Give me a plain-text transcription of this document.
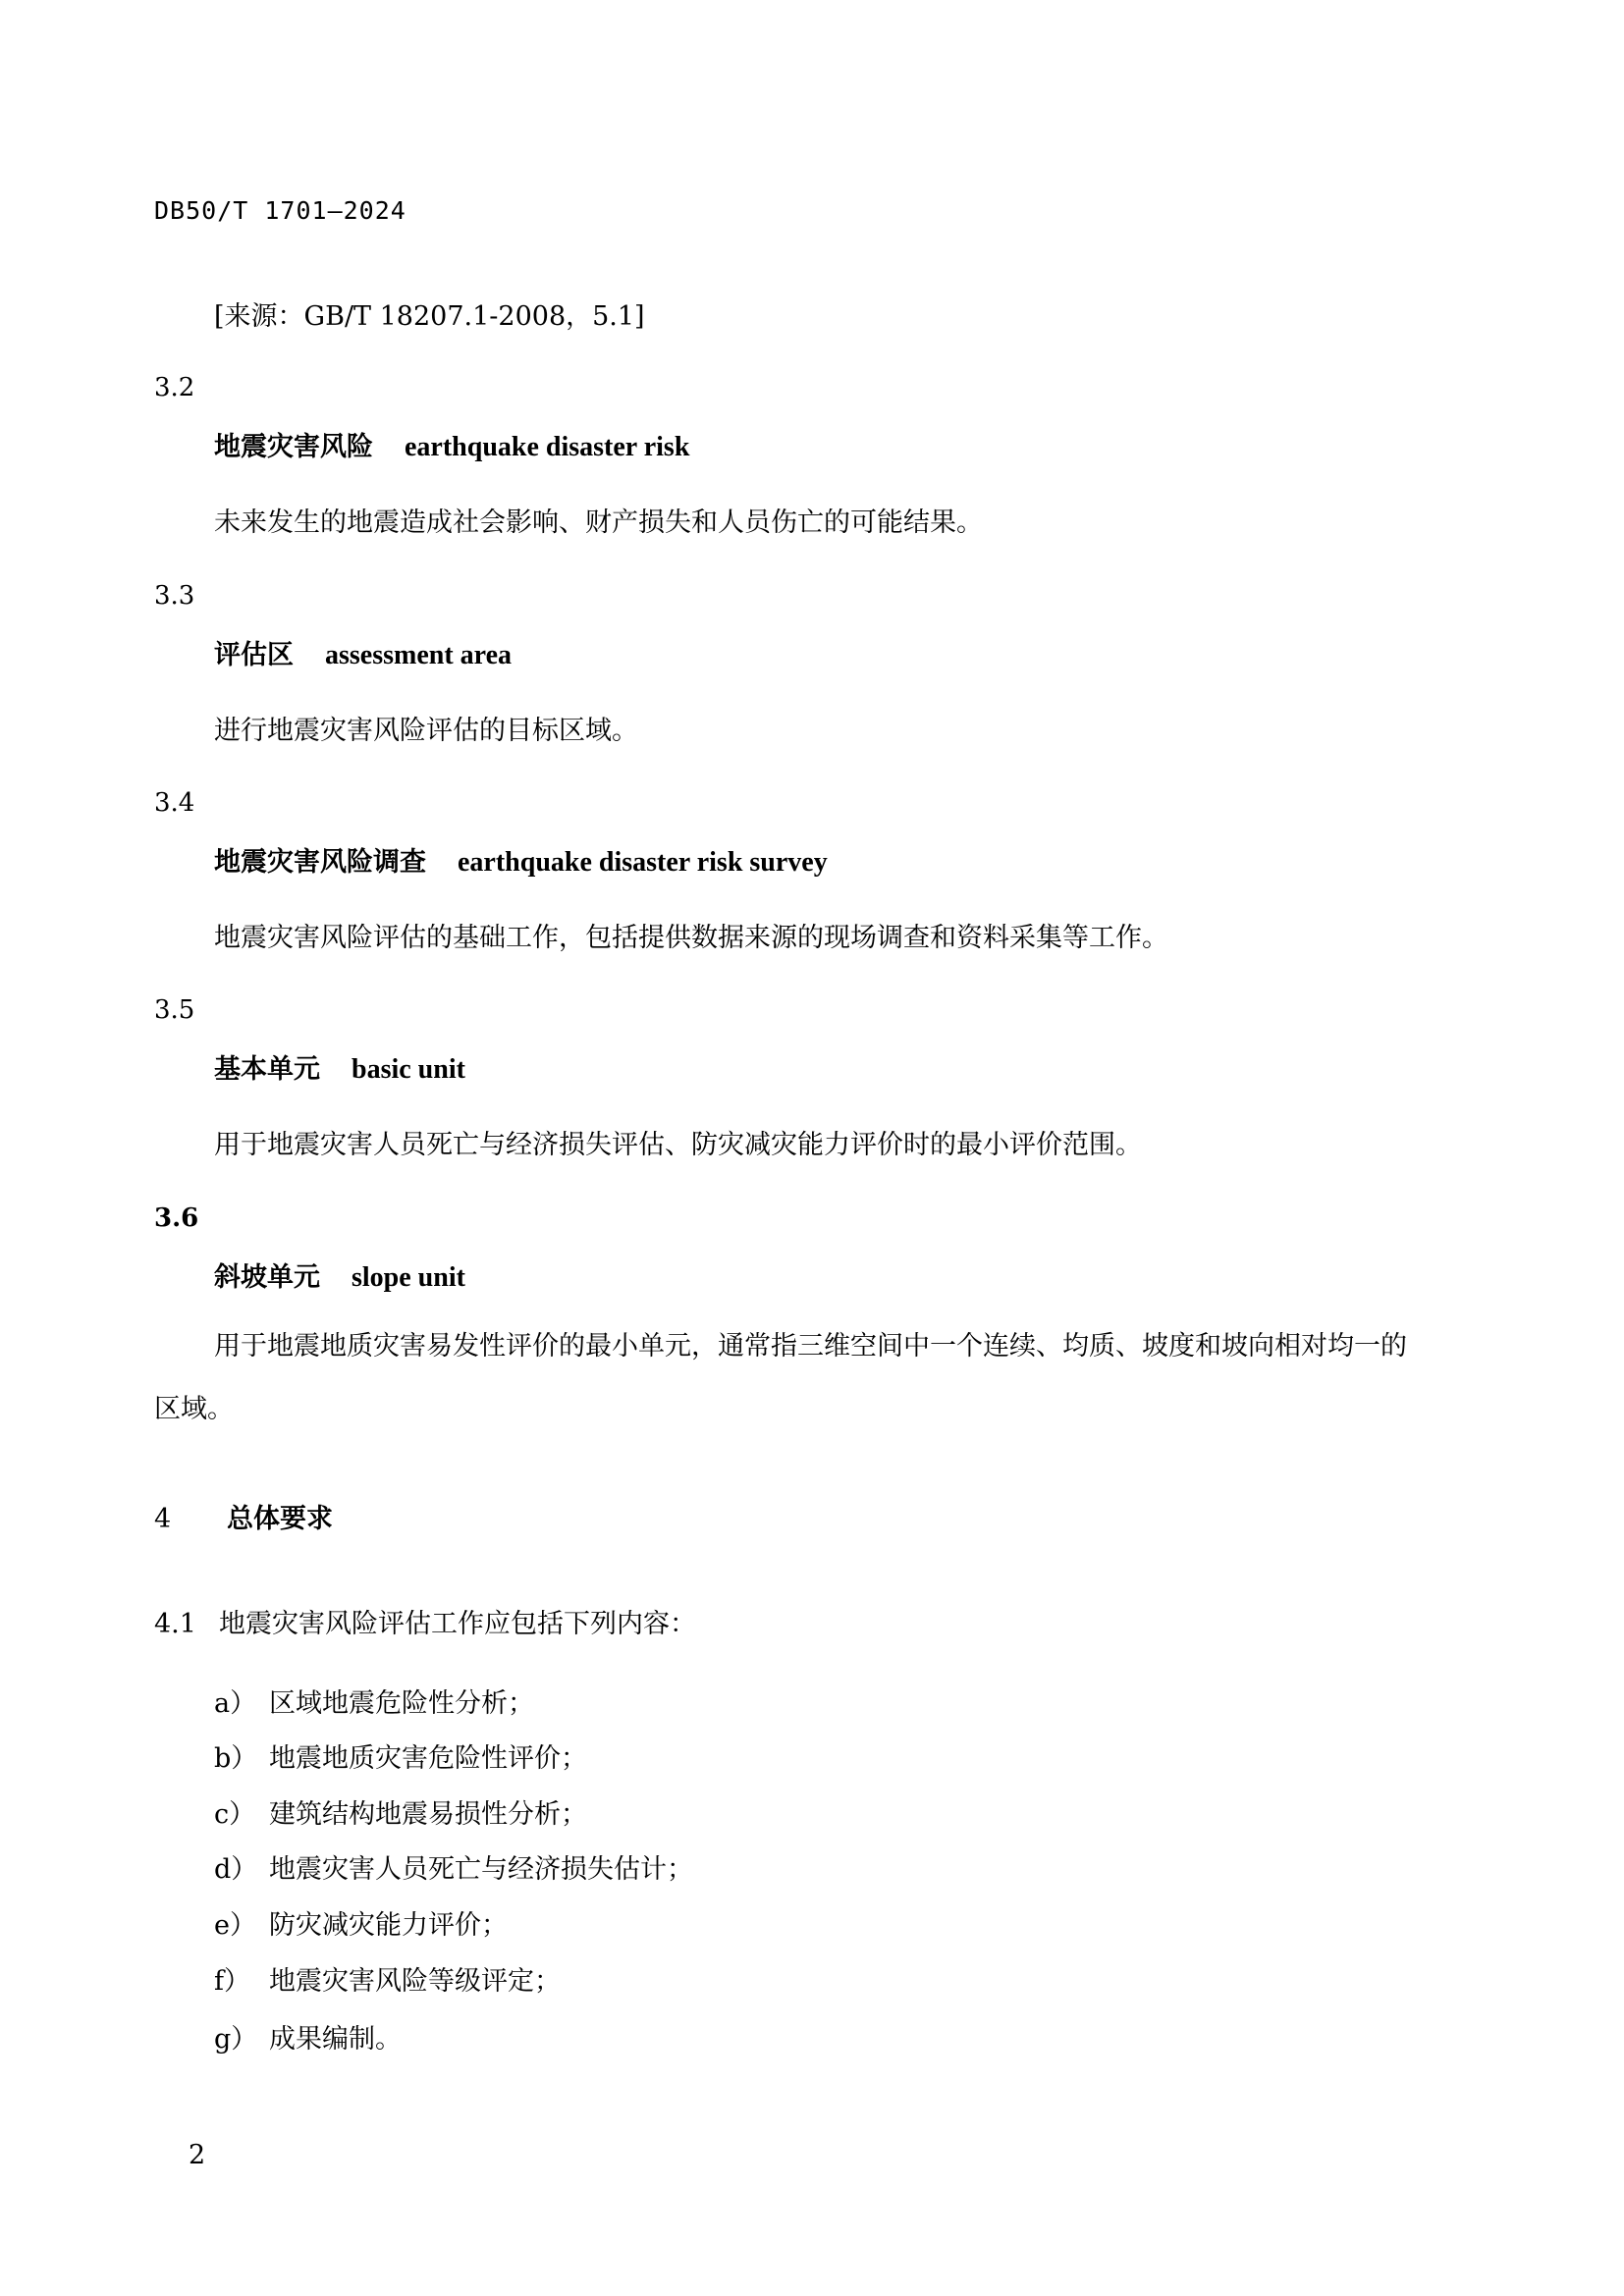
DB50/T 1701—2024
[来源：GB/T 18207.1-2008，5.1]
3.2
地震灾害风险 earthquake disaster risk
未来发生的地震造成社会影响、财产损失和人员伤亡的可能结果。
3.3
评估区 assessment area
进行地震灾害风险评估的目标区域。
3.4
地震灾害风险调查 earthquake disaster risk survey
地震灾害风险评估的基础工作，包括提供数据来源的现场调查和资料采集等工作。
3.5
基本单元 basic unit
用于地震灾害人员死亡与经济损失评估、防灾减灾能力评价时的最小评价范围。
3.6
斜坡单元 slope unit
用于地震地质灾害易发性评价的最小单元，通常指三维空间中一个连续、均质、坡度和坡向相对均一的区域。
4 总体要求
4.1 地震灾害风险评估工作应包括下列内容：
a） 区域地震危险性分析；
b） 地震地质灾害危险性评价；
c） 建筑结构地震易损性分析；
d） 地震灾害人员死亡与经济损失估计；
e） 防灾减灾能力评价；
f） 地震灾害风险等级评定；
g） 成果编制。
2
